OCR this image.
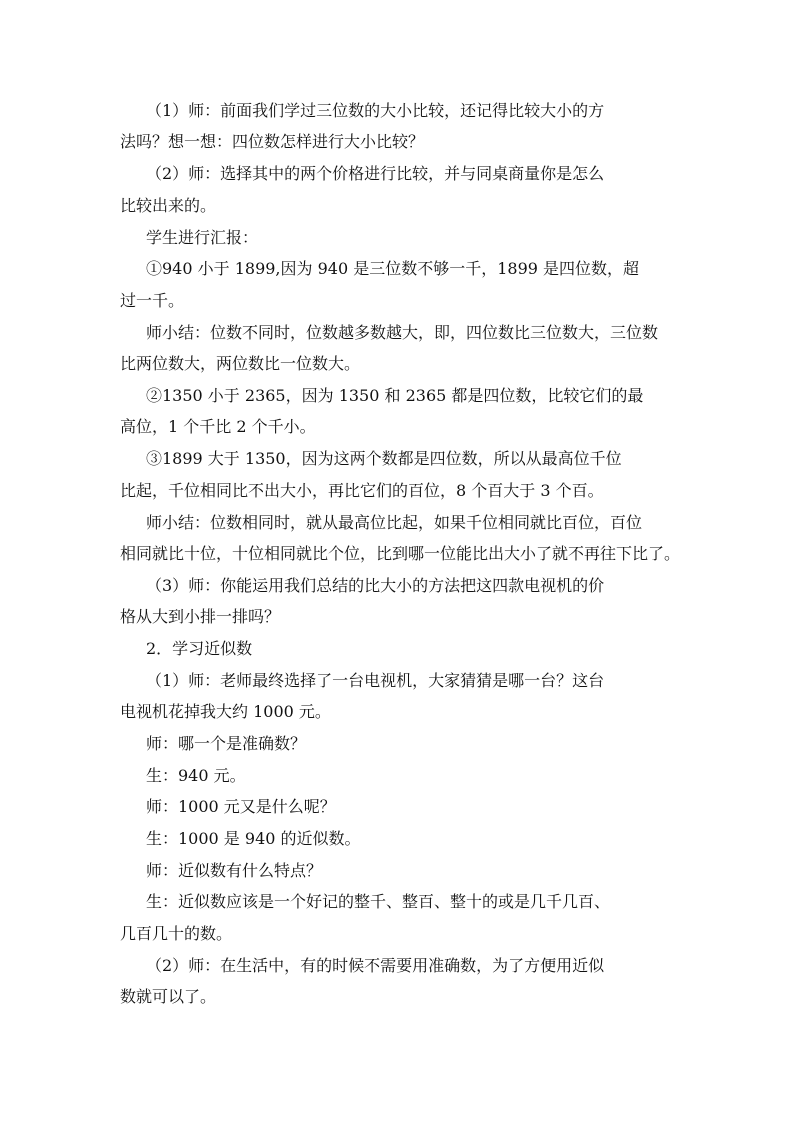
（1）师：前面我们学过三位数的大小比较，还记得比较大小的方
法吗？想一想：四位数怎样进行大小比较？
（2）师：选择其中的两个价格进行比较，并与同桌商量你是怎么
比较出来的。
学生进行汇报：
①940 小于 1899,因为 940 是三位数不够一千，1899 是四位数，超
过一千。
师小结：位数不同时，位数越多数越大，即，四位数比三位数大，三位数
比两位数大，两位数比一位数大。
②1350 小于 2365，因为 1350 和 2365 都是四位数，比较它们的最
高位，1 个千比 2 个千小。
③1899 大于 1350，因为这两个数都是四位数，所以从最高位千位
比起，千位相同比不出大小，再比它们的百位，8 个百大于 3 个百。
师小结：位数相同时，就从最高位比起，如果千位相同就比百位，百位
相同就比十位，十位相同就比个位，比到哪一位能比出大小了就不再往下比了。
（3）师：你能运用我们总结的比大小的方法把这四款电视机的价
格从大到小排一排吗？
2．学习近似数
（1）师：老师最终选择了一台电视机，大家猜猜是哪一台？这台
电视机花掉我大约 1000 元。
师：哪一个是准确数？
生：940 元。
师：1000 元又是什么呢？
生：1000 是 940 的近似数。
师：近似数有什么特点？
生：近似数应该是一个好记的整千、整百、整十的或是几千几百、
几百几十的数。
（2）师：在生活中，有的时候不需要用准确数，为了方便用近似
数就可以了。
